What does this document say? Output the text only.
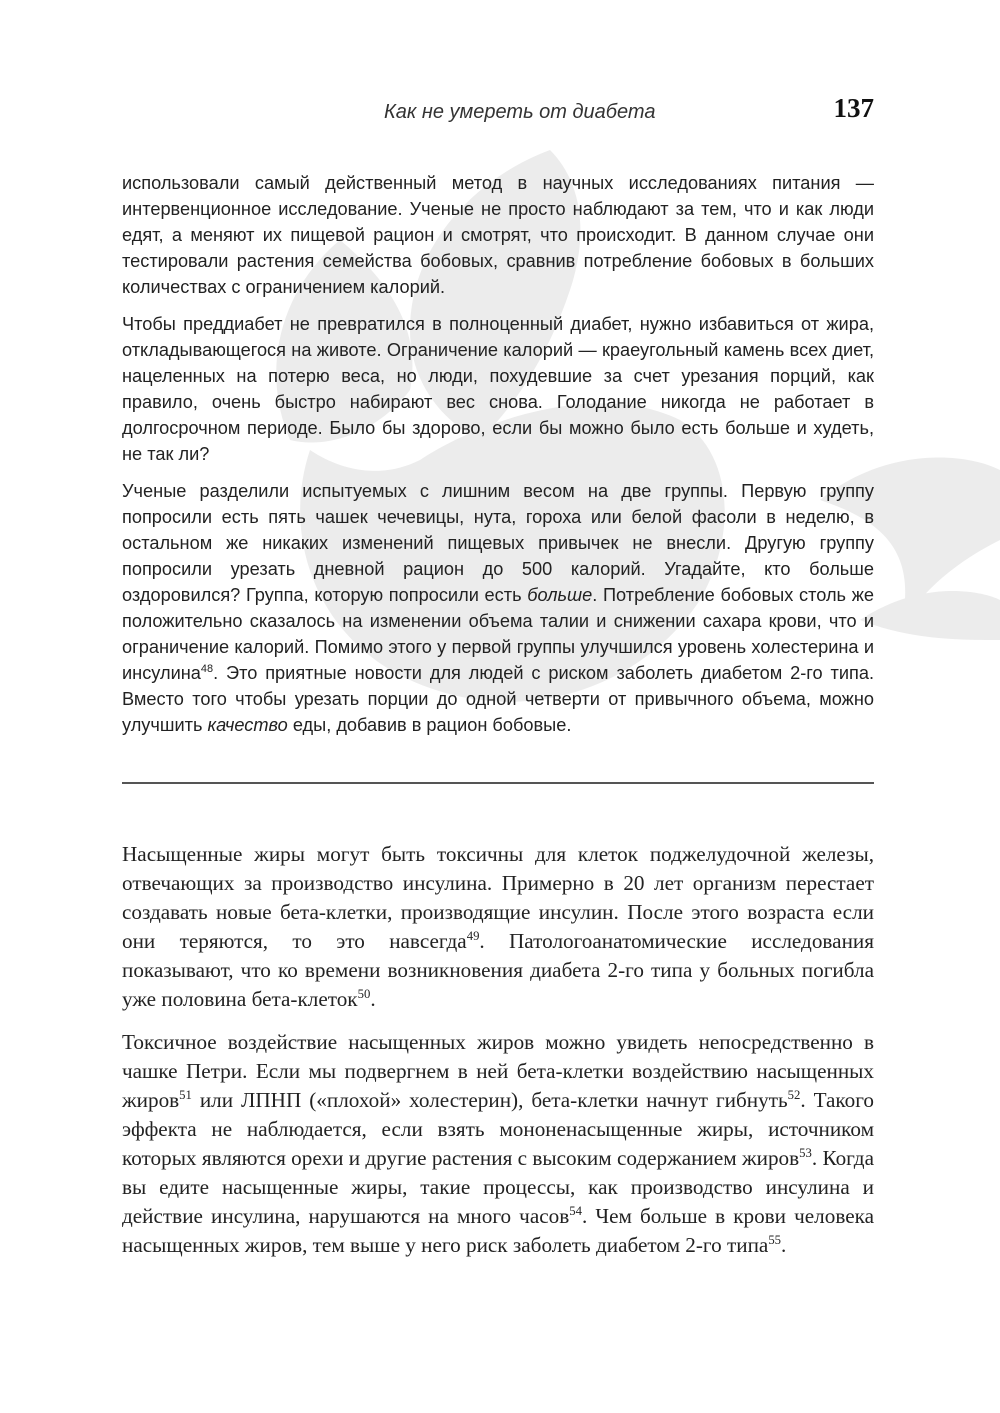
Как не умереть от диабета	137

использовали самый действенный метод в научных исследованиях питания — интервенционное исследование. Ученые не просто наблюдают за тем, что и как люди едят, а меняют их пищевой рацион и смотрят, что происходит. В данном случае они тестировали растения семейства бобовых, сравнив потребление бобовых в больших количествах с ограничением калорий.

Чтобы преддиабет не превратился в полноценный диабет, нужно избавиться от жира, откладывающегося на животе. Ограничение калорий — краеугольный камень всех диет, нацеленных на потерю веса, но люди, похудевшие за счет урезания порций, как правило, очень быстро набирают вес снова. Голодание никогда не работает в долгосрочном периоде. Было бы здорово, если бы можно было есть больше и худеть, не так ли?

Ученые разделили испытуемых с лишним весом на две группы. Первую группу попросили есть пять чашек чечевицы, нута, гороха или белой фасоли в неделю, в остальном же никаких изменений пищевых привычек не внесли. Другую группу попросили урезать дневной рацион до 500 калорий. Угадайте, кто больше оздоровился? Группа, которую попросили есть больше. Потребление бобовых столь же положительно сказалось на изменении объема талии и снижении сахара крови, что и ограничение калорий. Помимо этого у первой группы улучшился уровень холестерина и инсулина$^{48}$. Это приятные новости для людей с риском заболеть диабетом 2-го типа. Вместо того чтобы урезать порции до одной четверти от привычного объема, можно улучшить качество еды, добавив в рацион бобовые.

Насыщенные жиры могут быть токсичны для клеток поджелудочной железы, отвечающих за производство инсулина. Примерно в 20 лет организм перестает создавать новые бета-клетки, производящие инсулин. После этого возраста если они теряются, то это навсегда$^{49}$. Патологоанатомические исследования показывают, что ко времени возникновения диабета 2-го типа у больных погибла уже половина бета-клеток$^{50}$.

Токсичное воздействие насыщенных жиров можно увидеть непосредственно в чашке Петри. Если мы подвергнем в ней бета-клетки воздействию насыщенных жиров$^{51}$ или ЛПНП («плохой» холестерин), бета-клетки начнут гибнуть$^{52}$. Такого эффекта не наблюдается, если взять мононенасыщенные жиры, источником которых являются орехи и другие растения с высоким содержанием жиров$^{53}$. Когда вы едите насыщенные жиры, такие процессы, как производство инсулина и действие инсулина, нарушаются на много часов$^{54}$. Чем больше в крови человека насыщенных жиров, тем выше у него риск заболеть диабетом 2-го типа$^{55}$.
